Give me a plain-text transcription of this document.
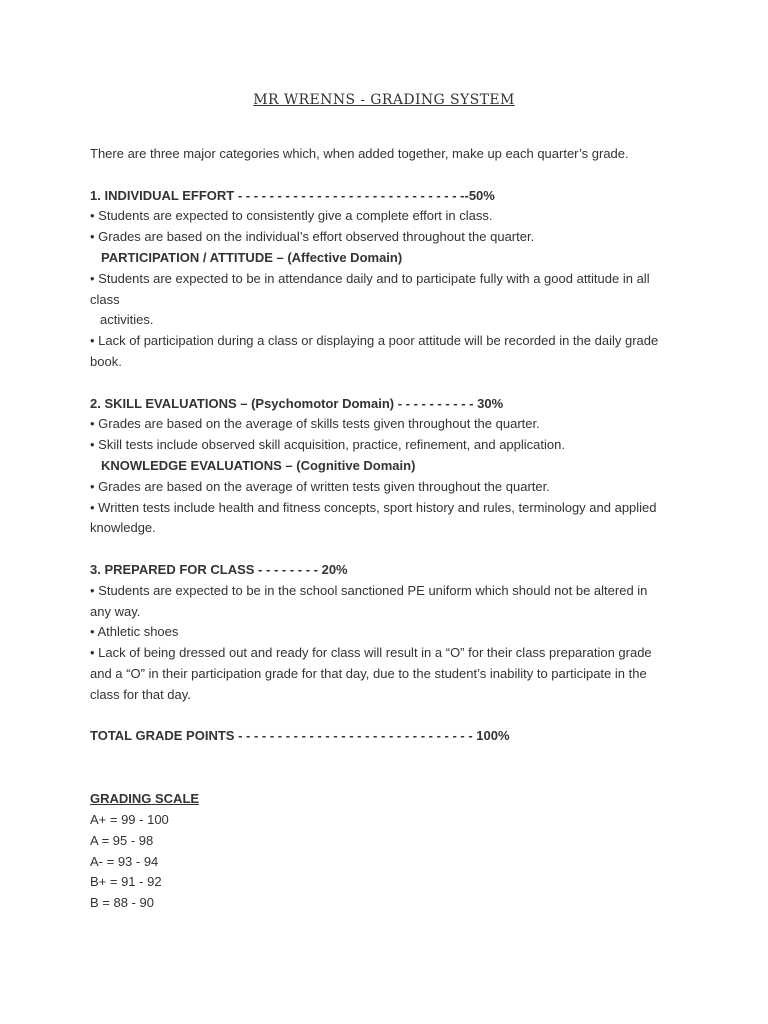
MR WRENNS - GRADING SYSTEM
There are three major categories which, when added together, make up each quarter’s grade.
1. INDIVIDUAL EFFORT - - - - - - - - - - - - - - - - - - - - - - - - - - - - --50%
• Students are expected to consistently give a complete effort in class.
• Grades are based on the individual’s effort observed throughout the quarter.
PARTICIPATION / ATTITUDE – (Affective Domain)
• Students are expected to be in attendance daily and to participate fully with a good attitude in all
class
activities.
• Lack of participation during a class or displaying a poor attitude will be recorded in the daily grade
book.
2. SKILL EVALUATIONS – (Psychomotor Domain) - - - - - - - - - - 30%
• Grades are based on the average of skills tests given throughout the quarter.
• Skill tests include observed skill acquisition, practice, refinement, and application.
KNOWLEDGE EVALUATIONS – (Cognitive Domain)
• Grades are based on the average of written tests given throughout the quarter.
• Written tests include health and fitness concepts, sport history and rules, terminology and applied
knowledge.
3. PREPARED FOR CLASS - - - - - - - - 20%
• Students are expected to be in the school sanctioned PE uniform which should not be altered in
any way.
• Athletic shoes
• Lack of being dressed out and ready for class will result in a “O” for their class preparation grade
and a “O” in their participation grade for that day, due to the student’s inability to participate in the
class for that day.
TOTAL GRADE POINTS - - - - - - - - - - - - - - - - - - - - - - - - - - - - - - 100%
GRADING SCALE
A+ = 99 - 100
A = 95 - 98
A- = 93 - 94
B+ = 91 - 92
B = 88 - 90
